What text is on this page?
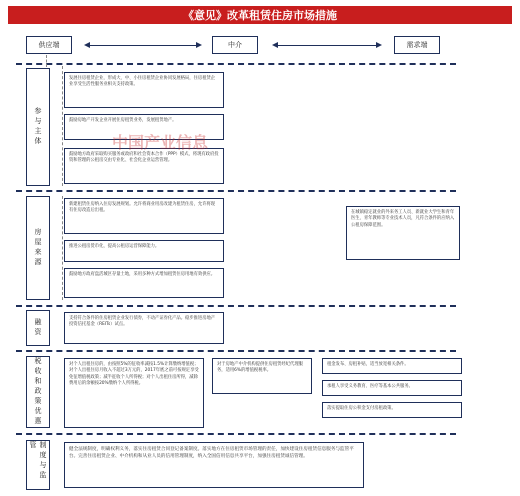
《意见》改革租赁住房市场措施
供应端	中介	需求端
参与主体
发展住房租赁企业，形成大、中、小住房租赁企业协同发展格局，住房租赁企业享受生活性服务业相关支持政策。
鼓励房地产开发企业开展住房租赁业务，发展租赁地产。
鼓励地方政府采取购买服务或政府和社会资本合作（PPP）模式，将现有政府投资和管理的公租房交由专业化、社会化企业运营管理。
中国产业信息
房屋来源
新建租赁住房纳入住房发展规划。允许将商业用房改建为租赁住房，允许将现有住房改造后出租。
推进公租房货币化，提高公租房运营保障能力。
鼓励地方政府盘活城区存量土地，采用多种方式增加租赁住房用地有效供应。
在城镇稳定就业的外来务工人员、新就业大学生和青年医生、青年教师等专业技术人员，凡符合条件的应纳入公租房保障范围。
融资	支持符合条件的住房租赁企业发行债券，不动产证券化产品。稳步推进房地产投资信托基金（REITs）试点。
税收和政策优惠	对个人出租住房的，由按照5%的征收率减按1.5%计算缴纳增值税；对个人出租住房月收入不超过3万元的，2017年底之前可按规定享受免征增值税政策；减半征收个人所得税；对个人出租住房所得，减除费用后的余额按20%缴纳个人所得税。
对于房地产中介机构提供住房租赁经纪代理服务，适用6%的增值税税率。
租金发布、房租补贴，适当放宽相关条件。
承租人享受义务教育、医疗等基本公共服务。
落实提取住房公积金支付房租政策。
制度与监管	健全法规制度，明确权利义务，落实住房租赁合同登记备案制度。落实地方在住房租赁市场管理的责任，加快建设住房租赁信息服务与监管平台。完善住房租赁企业、中介机构和从业人员的信用管理制度，纳入全国信用信息共享平台，加强住房租赁诚信管理。
